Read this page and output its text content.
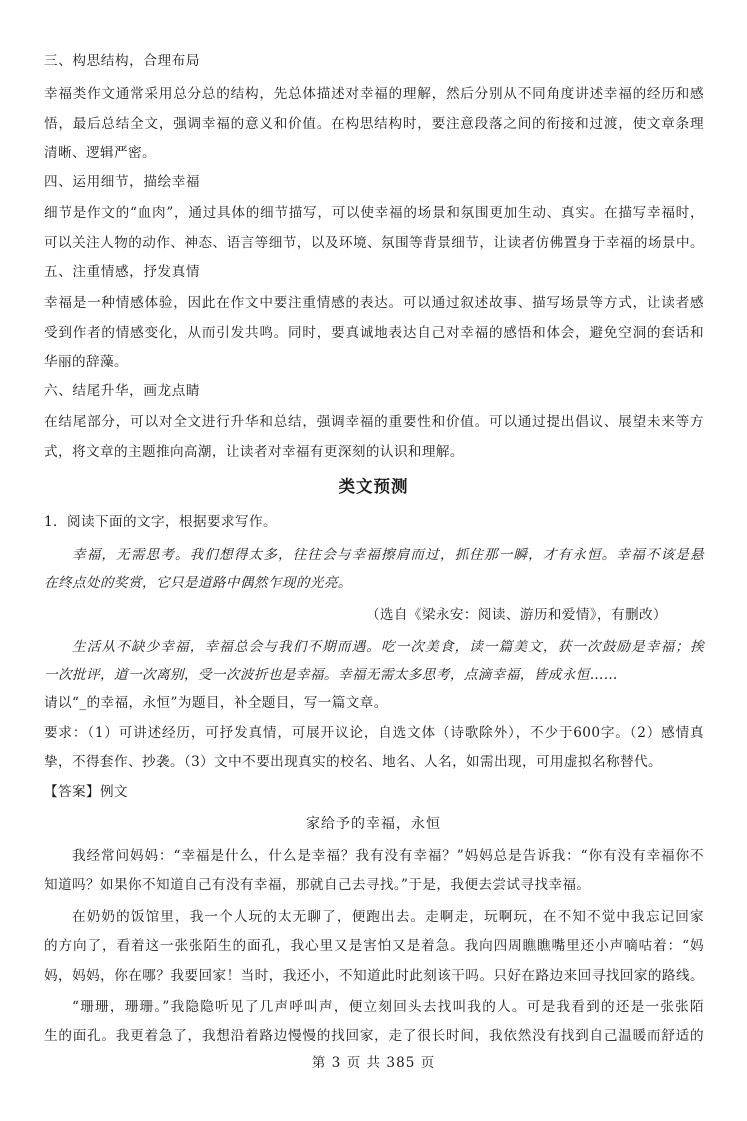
三、构思结构，合理布局
幸福类作文通常采用总分总的结构，先总体描述对幸福的理解，然后分别从不同角度讲述幸福的经历和感
悟，最后总结全文，强调幸福的意义和价值。在构思结构时，要注意段落之间的衔接和过渡，使文章条理
清晰、逻辑严密。
四、运用细节，描绘幸福
细节是作文的“血肉”，通过具体的细节描写，可以使幸福的场景和氛围更加生动、真实。在描写幸福时，
可以关注人物的动作、神态、语言等细节，以及环境、氛围等背景细节，让读者仿佛置身于幸福的场景中。
五、注重情感，抒发真情
幸福是一种情感体验，因此在作文中要注重情感的表达。可以通过叙述故事、描写场景等方式，让读者感
受到作者的情感变化，从而引发共鸣。同时，要真诚地表达自己对幸福的感悟和体会，避免空洞的套话和
华丽的辞藻。
六、结尾升华，画龙点睛
在结尾部分，可以对全文进行升华和总结，强调幸福的重要性和价值。可以通过提出倡议、展望未来等方
式，将文章的主题推向高潮，让读者对幸福有更深刻的认识和理解。
类文预测
1．阅读下面的文字，根据要求写作。
幸福，无需思考。我们想得太多，往往会与幸福擦肩而过，抓住那一瞬，才有永恒。幸福不该是悬
在终点处的奖赏，它只是道路中偶然乍现的光亮。
（选自《梁永安：阅读、游历和爱情》，有删改）
生活从不缺少幸福，幸福总会与我们不期而遇。吃一次美食，读一篇美文，获一次鼓励是幸福；挨
一次批评，道一次离别，受一次波折也是幸福。幸福无需太多思考，点滴幸福，皆成永恒……
请以“_的幸福，永恒”为题目，补全题目，写一篇文章。
要求：（1）可讲述经历，可抒发真情，可展开议论，自选文体（诗歌除外），不少于600字。（2）感情真
挚，不得套作、抄袭。（3）文中不要出现真实的校名、地名、人名，如需出现，可用虚拟名称替代。
【答案】例文
家给予的幸福，永恒
我经常问妈妈：“幸福是什么，什么是幸福？我有没有幸福？”妈妈总是告诉我：“你有没有幸福你不
知道吗？如果你不知道自己有没有幸福，那就自己去寻找。”于是，我便去尝试寻找幸福。
在奶奶的饭馆里，我一个人玩的太无聊了，便跑出去。走啊走，玩啊玩，在不知不觉中我忘记回家
的方向了，看着这一张张陌生的面孔，我心里又是害怕又是着急。我向四周瞧瞧嘴里还小声嘀咕着：“妈
妈，妈妈，你在哪？我要回家！当时，我还小，不知道此时此刻该干吗。只好在路边来回寻找回家的路线。
“珊珊，珊珊。”我隐隐听见了几声呼叫声，便立刻回头去找叫我的人。可是我看到的还是一张张陌
生的面孔。我更着急了，我想沿着路边慢慢的找回家，走了很长时间，我依然没有找到自己温暖而舒适的
第 3 页 共 385 页
